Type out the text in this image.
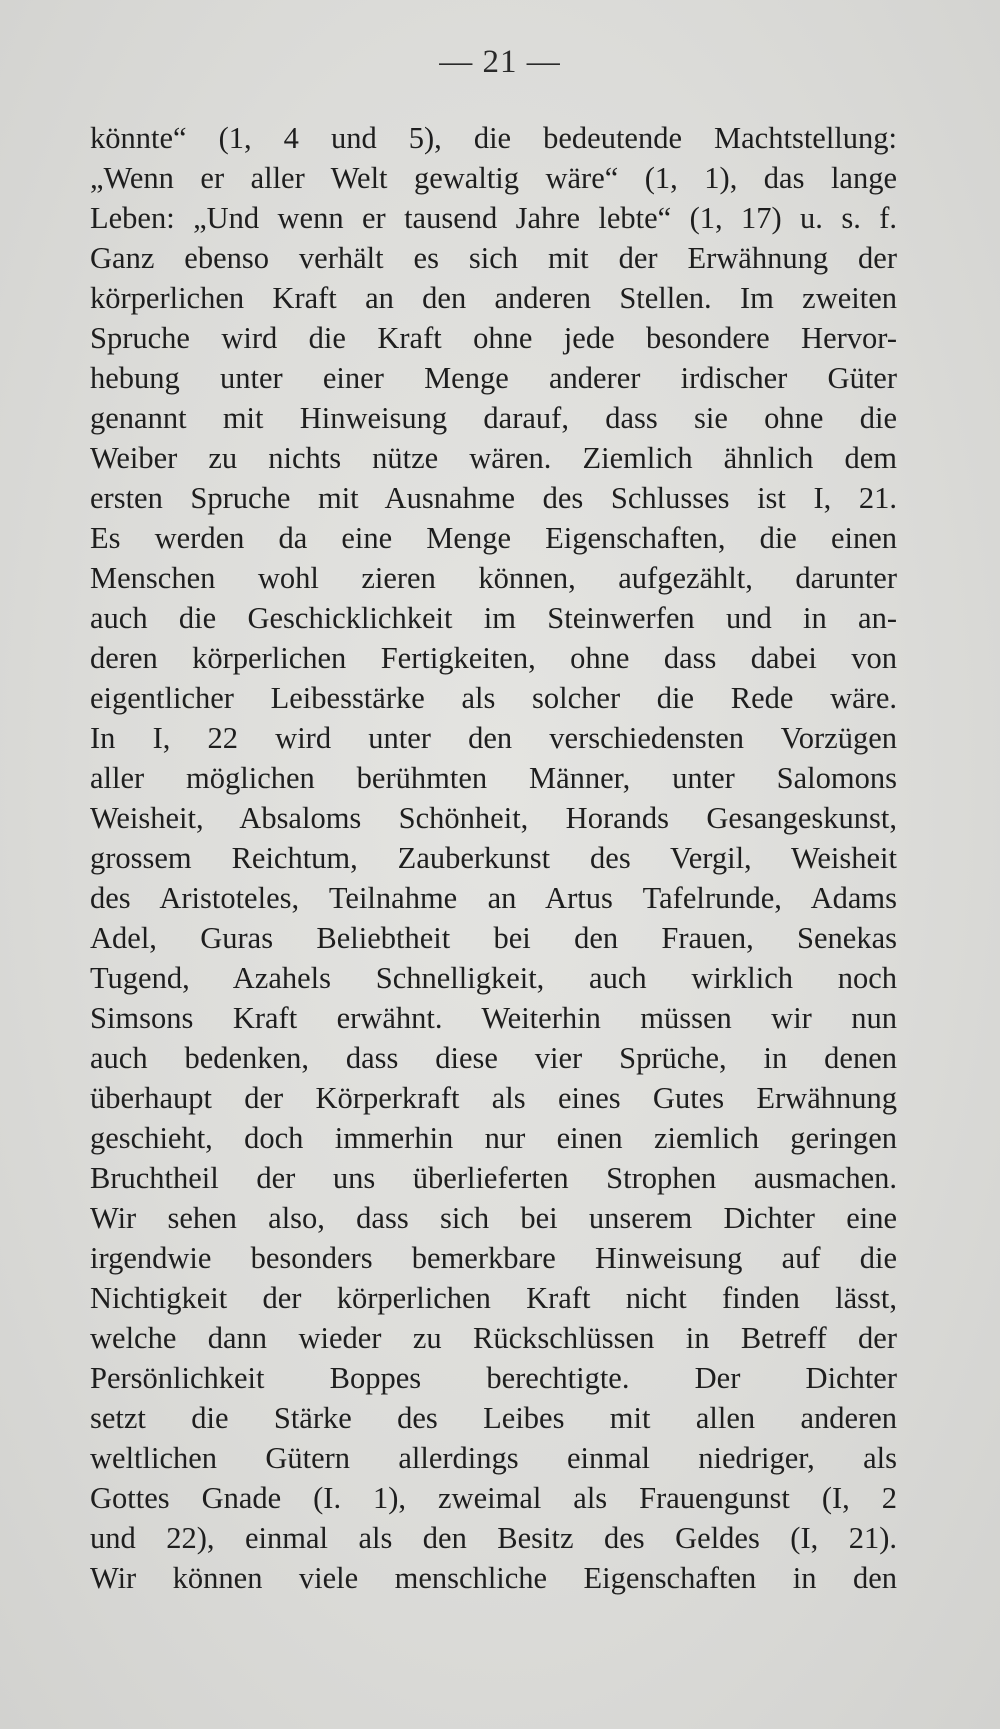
— 21 —
könnte“ (1, 4 und 5), die bedeutende Machtstellung:
„Wenn er aller Welt gewaltig wäre“ (1, 1), das lange
Leben: „Und wenn er tausend Jahre lebte“ (1, 17) u. s. f.
Ganz ebenso verhält es sich mit der Erwähnung der
körperlichen Kraft an den anderen Stellen. Im zweiten
Spruche wird die Kraft ohne jede besondere Hervor-
hebung unter einer Menge anderer irdischer Güter
genannt mit Hinweisung darauf, dass sie ohne die
Weiber zu nichts nütze wären. Ziemlich ähnlich dem
ersten Spruche mit Ausnahme des Schlusses ist I, 21.
Es werden da eine Menge Eigenschaften, die einen
Menschen wohl zieren können, aufgezählt, darunter
auch die Geschicklichkeit im Steinwerfen und in an-
deren körperlichen Fertigkeiten, ohne dass dabei von
eigentlicher Leibesstärke als solcher die Rede wäre.
In I, 22 wird unter den verschiedensten Vorzügen
aller möglichen berühmten Männer, unter Salomons
Weisheit, Absaloms Schönheit, Horands Gesangeskunst,
grossem Reichtum, Zauberkunst des Vergil, Weisheit
des Aristoteles, Teilnahme an Artus Tafelrunde, Adams
Adel, Guras Beliebtheit bei den Frauen, Senekas
Tugend, Azahels Schnelligkeit, auch wirklich noch
Simsons Kraft erwähnt. Weiterhin müssen wir nun
auch bedenken, dass diese vier Sprüche, in denen
überhaupt der Körperkraft als eines Gutes Erwähnung
geschieht, doch immerhin nur einen ziemlich geringen
Bruchtheil der uns überlieferten Strophen ausmachen.
Wir sehen also, dass sich bei unserem Dichter eine
irgendwie besonders bemerkbare Hinweisung auf die
Nichtigkeit der körperlichen Kraft nicht finden lässt,
welche dann wieder zu Rückschlüssen in Betreff der
Persönlichkeit Boppes berechtigte. Der Dichter
setzt die Stärke des Leibes mit allen anderen
weltlichen Gütern allerdings einmal niedriger, als
Gottes Gnade (I. 1), zweimal als Frauengunst (I, 2
und 22), einmal als den Besitz des Geldes (I, 21).
Wir können viele menschliche Eigenschaften in den
